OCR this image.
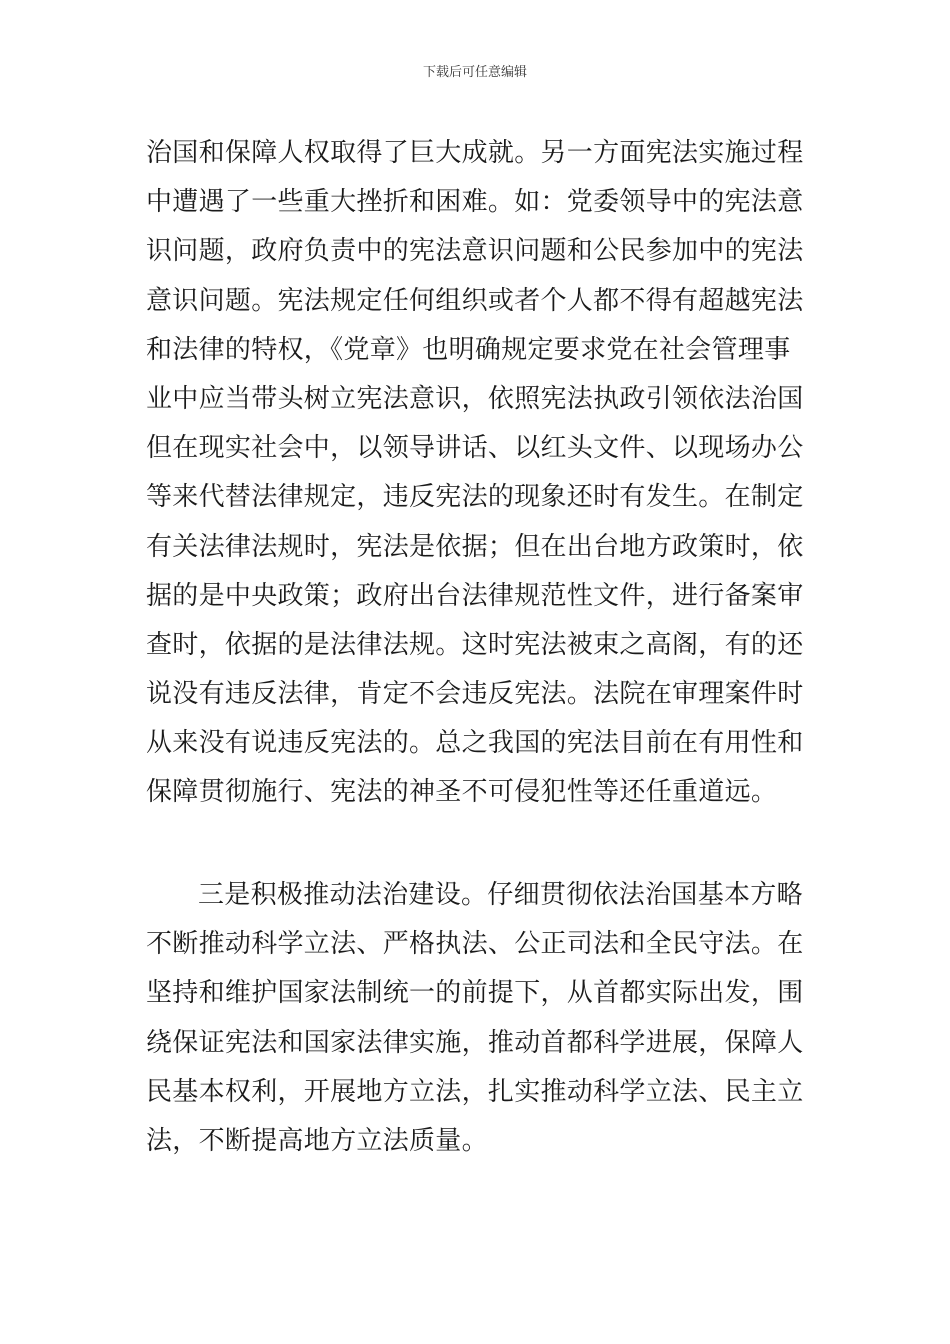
下载后可任意编辑
治国和保障人权取得了巨大成就。另一方面宪法实施过程
中遭遇了一些重大挫折和困难。如：党委领导中的宪法意
识问题，政府负责中的宪法意识问题和公民参加中的宪法
意识问题。宪法规定任何组织或者个人都不得有超越宪法
和法律的特权，《党章》也明确规定要求党在社会管理事
业中应当带头树立宪法意识，依照宪法执政引领依法治国
但在现实社会中，以领导讲话、以红头文件、以现场办公
等来代替法律规定，违反宪法的现象还时有发生。在制定
有关法律法规时，宪法是依据；但在出台地方政策时，依
据的是中央政策；政府出台法律规范性文件，进行备案审
查时，依据的是法律法规。这时宪法被束之高阁，有的还
说没有违反法律，肯定不会违反宪法。法院在审理案件时
从来没有说违反宪法的。总之我国的宪法目前在有用性和
保障贯彻施行、宪法的神圣不可侵犯性等还任重道远。
三是积极推动法治建设。仔细贯彻依法治国基本方略
不断推动科学立法、严格执法、公正司法和全民守法。在
坚持和维护国家法制统一的前提下，从首都实际出发，围
绕保证宪法和国家法律实施，推动首都科学进展，保障人
民基本权利，开展地方立法，扎实推动科学立法、民主立
法，不断提高地方立法质量。
